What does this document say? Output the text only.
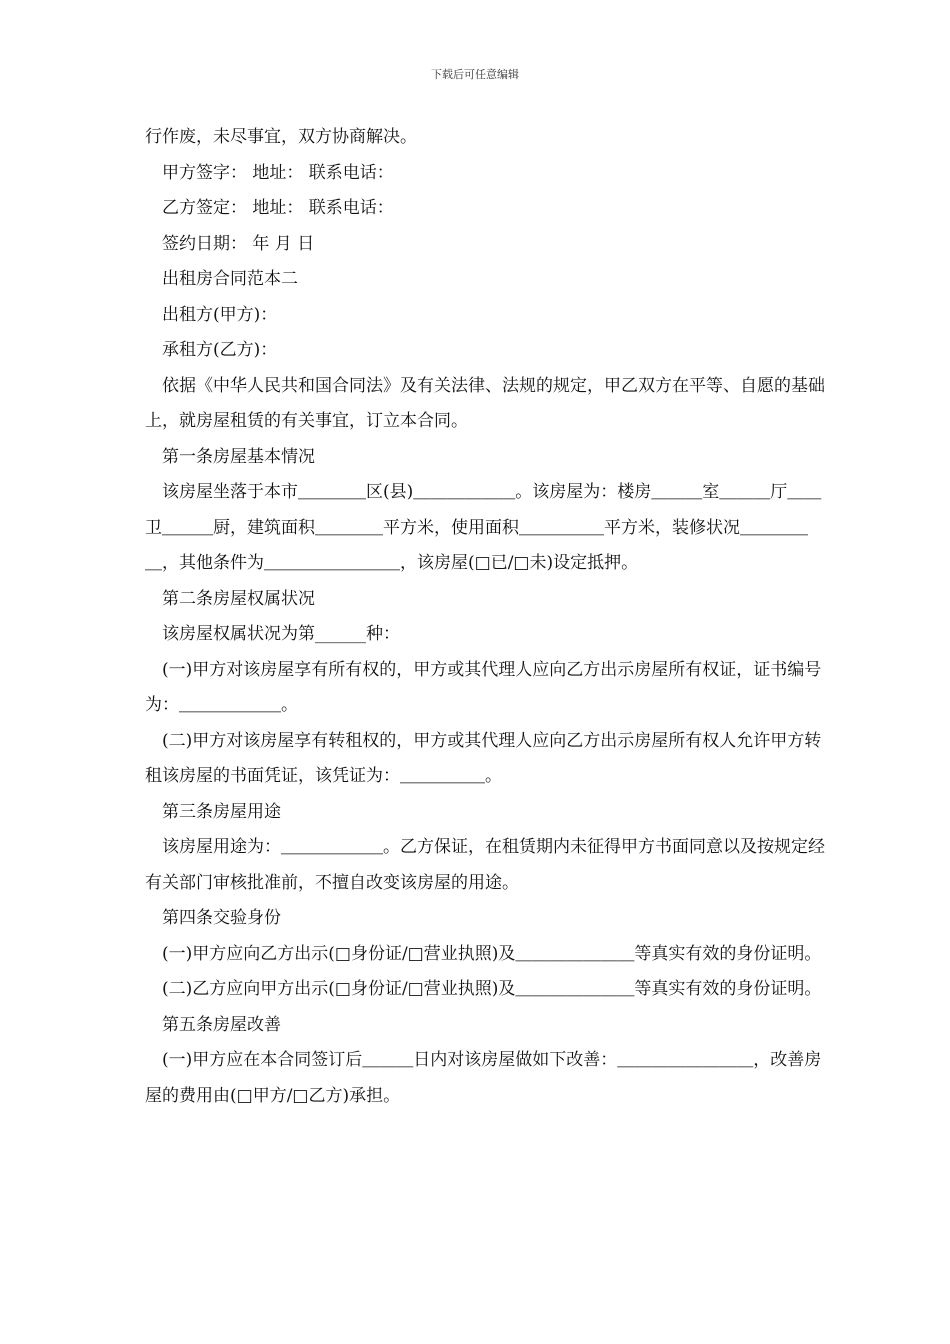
下载后可任意编辑

行作废，未尽事宜，双方协商解决。

甲方签字： 地址： 联系电话：

乙方签定： 地址： 联系电话：

签约日期： 年 月 日

出租房合同范本二

出租方(甲方)：

承租方(乙方)：

依据《中华人民共和国合同法》及有关法律、法规的规定，甲乙双方在平等、自愿的基础上，就房屋租赁的有关事宜，订立本合同。

第一条房屋基本情况

该房屋坐落于本市＿＿＿＿区(县)＿＿＿＿＿＿。该房屋为：楼房＿＿＿室＿＿＿厅＿＿卫＿＿＿厨，建筑面积＿＿＿＿平方米，使用面积＿＿＿＿＿平方米，装修状况＿＿＿＿＿，其他条件为＿＿＿＿＿＿＿＿，该房屋(□已/□未)设定抵押。

第二条房屋权属状况

该房屋权属状况为第______种：

(一)甲方对该房屋享有所有权的，甲方或其代理人应向乙方出示房屋所有权证，证书编号为：＿＿＿＿＿＿。

(二)甲方对该房屋享有转租权的，甲方或其代理人应向乙方出示房屋所有权人允许甲方转租该房屋的书面凭证，该凭证为：＿＿＿＿＿。

第三条房屋用途

该房屋用途为：＿＿＿＿＿＿。乙方保证，在租赁期内未征得甲方书面同意以及按规定经有关部门审核批准前，不擅自改变该房屋的用途。

第四条交验身份

(一)甲方应向乙方出示(□身份证/□营业执照)及＿＿＿＿＿＿＿等真实有效的身份证明。

(二)乙方应向甲方出示(□身份证/□营业执照)及＿＿＿＿＿＿＿等真实有效的身份证明。

第五条房屋改善

(一)甲方应在本合同签订后＿＿＿日内对该房屋做如下改善：＿＿＿＿＿＿＿＿，改善房屋的费用由(□甲方/□乙方)承担。
